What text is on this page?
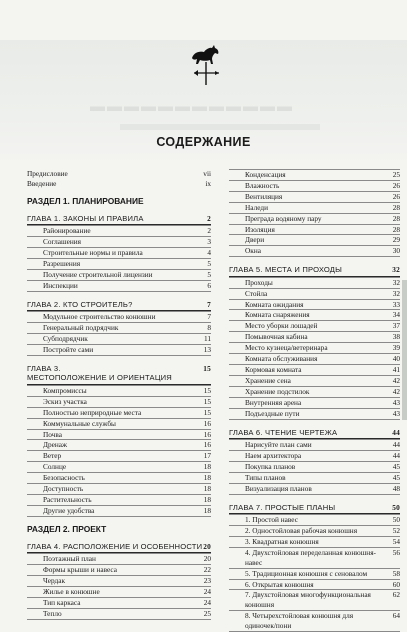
▬▬▬▬▬▬▬▬▬▬▬▬
СОДЕРЖАНИЕ
Предисловие	vii
Введение	ix
РАЗДЕЛ 1. ПЛАНИРОВАНИЕ
ГЛАВА 1. ЗАКОНЫ И ПРАВИЛА	2
Районирование	2
Соглашения	3
Строительные нормы и правила	4
Разрешения	5
Получение строительной лицензии	5
Инспекции	6
ГЛАВА 2. КТО СТРОИТЕЛЬ?	7
Модульное строительство конюшни	7
Генеральный подрядчик	8
Субподрядчик	11
Постройте сами	13
ГЛАВА 3.
МЕСТОПОЛОЖЕНИЕ И ОРИЕНТАЦИЯ
15
Компромиссы	15
Эскиз участка	15
Полностью неприродные места	15
Коммунальные службы	16
Почва	16
Дренаж	16
Ветер	17
Солнце	18
Безопасность	18
Доступность	18
Растительность	18
Другие удобства	18
РАЗДЕЛ 2. ПРОЕКТ
ГЛАВА 4. РАСПОЛОЖЕНИЕ И ОСОБЕННОСТИ 20
Поэтажный план	20
Формы крыши и навеса	22
Чердак	23
Жилье в конюшне	24
Тип каркаса	24
Тепло	25
Конденсация	25
Влажность	26
Вентиляция	26
Наледи	28
Преграда водяному пару	28
Изоляция	28
Двери	29
Окна	30
ГЛАВА 5. МЕСТА И ПРОХОДЫ	32
Проходы	32
Стойла	32
Комната ожидания	33
Комната снаряжения	34
Место уборки лошадей	37
Помывочная кабина	38
Место кузнеца/ветеринара	39
Комната обслуживания	40
Кормовая комната	41
Хранение сена	42
Хранение подстилок	42
Внутренняя арена	43
Подъездные пути	43
ГЛАВА 6. ЧТЕНИЕ ЧЕРТЕЖА	44
Нарисуйте план сами	44
Наем архитектора	44
Покупка планов	45
Типы планов	45
Визуализация планов	48
ГЛАВА 7. ПРОСТЫЕ ПЛАНЫ	50
1. Простой навес	50
2. Одностойловая рабочая конюшня	52
3. Квадратная конюшня	54
4. Двухстойловая переделанная конюшня-навес
56
5. Традиционная конюшня с сеновалом	58
6. Открытая конюшня	60
7. Двухстойловая многофункциональная конюшня
62
8. Четырехстойловая конюшня для одиночек/пони
64
